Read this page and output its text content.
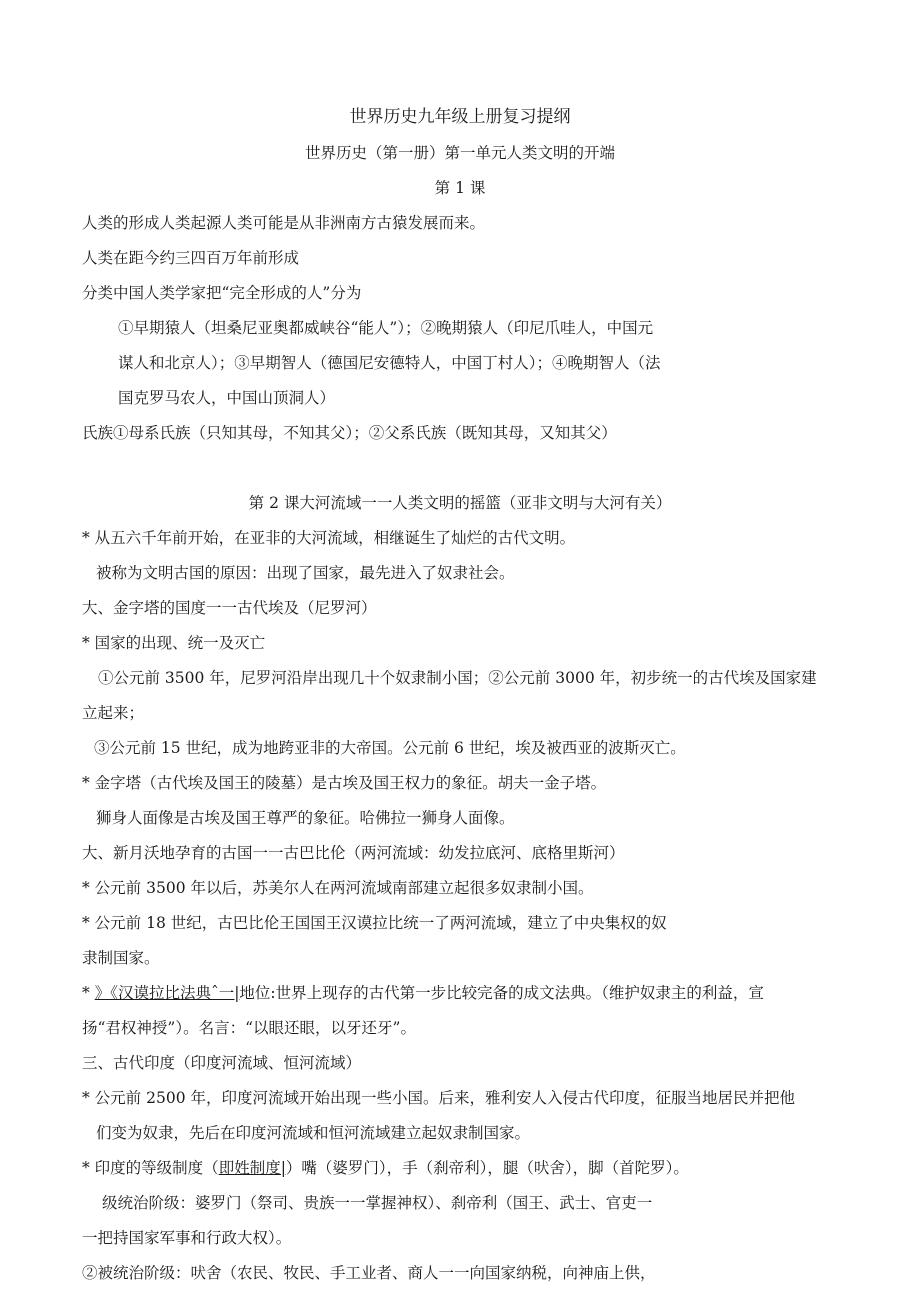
世界历史九年级上册复习提纲
世界历史（第一册）第一单元人类文明的开端
第 1 课
人类的形成人类起源人类可能是从非洲南方古猿发展而来。
人类在距今约三四百万年前形成
分类中国人类学家把“完全形成的人”分为
①早期猿人（坦桑尼亚奥都威峡谷“能人”）；②晚期猿人（印尼爪哇人，中国元
谋人和北京人）；③早期智人（德国尼安德特人，中国丁村人）；④晚期智人（法
国克罗马农人，中国山顶洞人）
氏族①母系氏族（只知其母，不知其父）；②父系氏族（既知其母，又知其父）
第 2 课大河流域一一人类文明的摇篮（亚非文明与大河有关）
* 从五六千年前开始，在亚非的大河流域，相继诞生了灿烂的古代文明。
被称为文明古国的原因：出现了国家，最先进入了奴隶社会。
大、金字塔的国度一一古代埃及（尼罗河）
* 国家的出现、统一及灭亡
①公元前 3500 年，尼罗河沿岸出现几十个奴隶制小国；②公元前 3000 年，初步统一的古代埃及国家建
立起来；
③公元前 15 世纪，成为地跨亚非的大帝国。公元前 6 世纪，埃及被西亚的波斯灭亡。
* 金字塔（古代埃及国王的陵墓）是古埃及国王权力的象征。胡夫一金子塔。
狮身人面像是古埃及国王尊严的象征。哈佛拉一狮身人面像。
大、新月沃地孕育的古国一一古巴比伦（两河流域：幼发拉底河、底格里斯河）
* 公元前 3500 年以后，苏美尔人在两河流域南部建立起很多奴隶制小国。
* 公元前 18 世纪，古巴比伦王国国王汉谟拉比统一了两河流域，建立了中央集权的奴
隶制国家。
* 》《汉谟拉比法典ˆ一|地位:世界上现存的古代第一步比较完备的成文法典。（维护奴隶主的利益，宣
扬“君权神授”）。名言：“以眼还眼，以牙还牙”。
三、古代印度（印度河流域、恒河流域）
* 公元前 2500 年，印度河流域开始出现一些小国。后来，雅利安人入侵古代印度，征服当地居民并把他
们变为奴隶，先后在印度河流域和恒河流域建立起奴隶制国家。
* 印度的等级制度（即姓制度|）嘴（婆罗门），手（刹帝利），腿（吠舍），脚（首陀罗）。
级统治阶级：婆罗门（祭司、贵族一一掌握神权）、刹帝利（国王、武士、官吏一
一把持国家军事和行政大权）。
②被统治阶级：吠舍（农民、牧民、手工业者、商人一一向国家纳税，向神庙上供，
